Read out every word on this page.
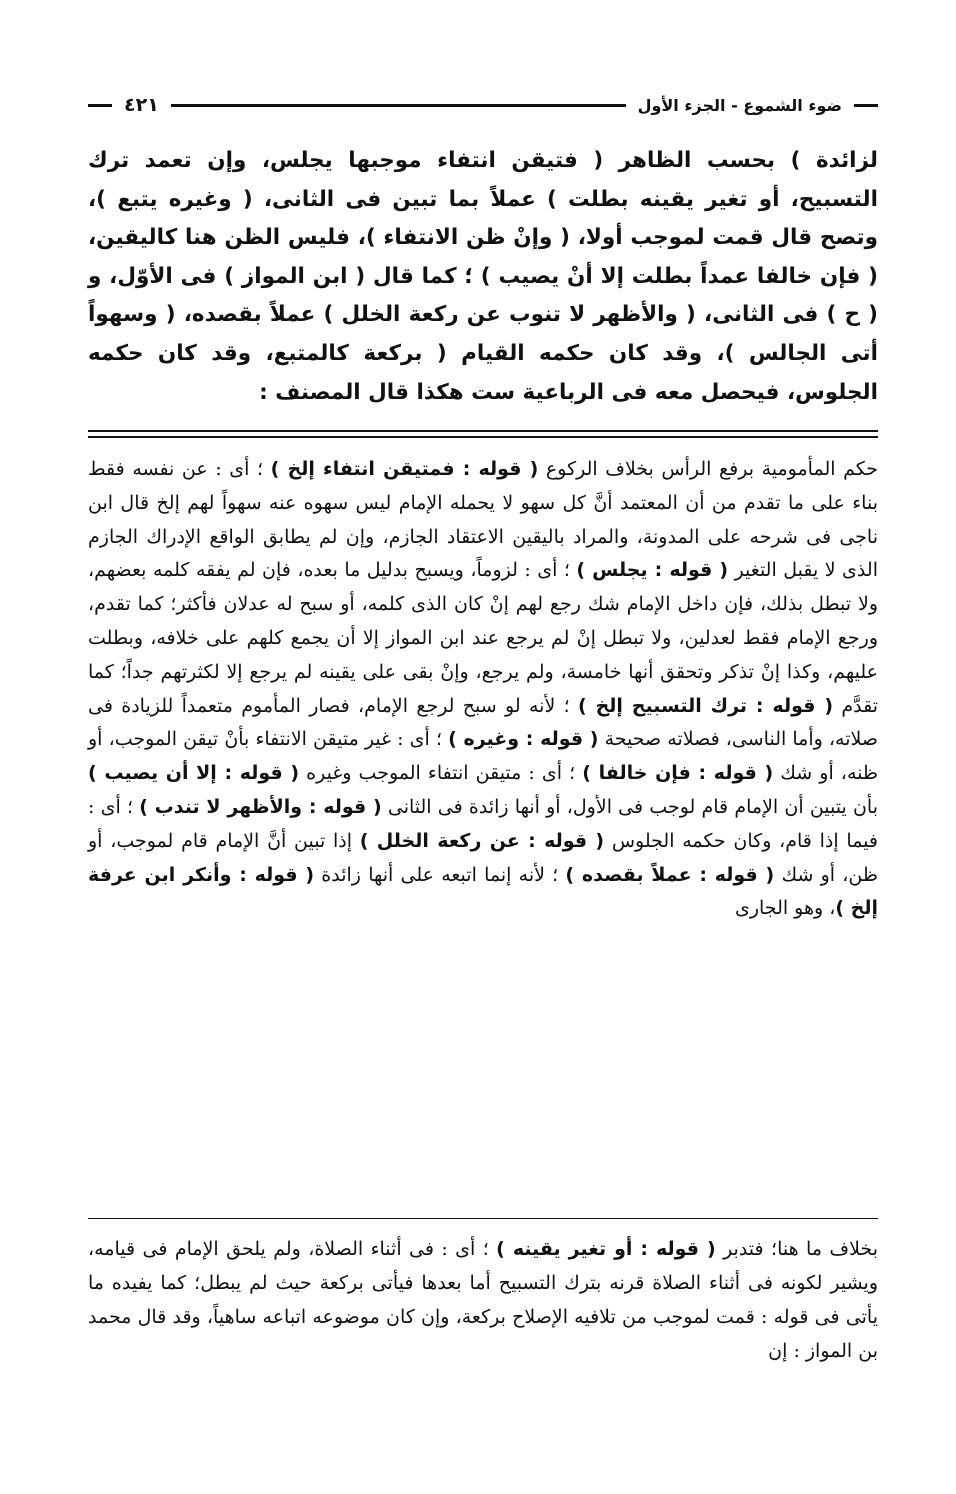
ضوء الشموع - الجزء الأول
٤٢١
لزائدة ) بحسب الظاهر ( فتيقن انتفاء موجبها يجلس، وإن تعمد ترك التسبيح، أو تغير يقينه بطلت ) عملاً بما تبين فى الثانى، ( وغيره يتبع )، وتصح قال قمت لموجب أولا، ( وإنْ ظن الانتفاء )، فليس الظن هنا كاليقين، ( فإن خالفا عمداً بطلت إلا أنْ يصيب ) ؛ كما قال ( ابن المواز ) فى الأوّل، و ( ح ) فى الثانى، ( والأظهر لا تنوب عن ركعة الخلل ) عملاً بقصده، ( وسهواً أتى الجالس )، وقد كان حكمه القيام ( بركعة كالمتبع، وقد كان حكمه الجلوس، فيحصل معه فى الرباعية ست هكذا قال المصنف :
حكم المأمومية برفع الرأس بخلاف الركوع ( قوله : فمتيقن انتفاء إلخ ) ؛ أى : عن نفسه فقط بناء على ما تقدم من أن المعتمد أنَّ كل سهو لا يحمله الإمام ليس سهوه عنه سهواً لهم إلخ قال ابن ناجى فى شرحه على المدونة، والمراد باليقين الاعتقاد الجازم، وإن لم يطابق الواقع الإدراك الجازم الذى لا يقبل التغير ( قوله : يجلس ) ؛ أى : لزوماً، ويسبح بدليل ما بعده، فإن لم يفقه كلمه بعضهم، ولا تبطل بذلك، فإن داخل الإمام شك رجع لهم إنْ كان الذى كلمه، أو سبح له عدلان فأكثر؛ كما تقدم، ورجع الإمام فقط لعدلين، ولا تبطل إنْ لم يرجع عند ابن المواز إلا أن يجمع كلهم على خلافه، وبطلت عليهم، وكذا إنْ تذكر وتحقق أنها خامسة، ولم يرجع، وإنْ بقى على يقينه لم يرجع إلا لكثرتهم جداً؛ كما تقدَّم ( قوله : ترك التسبيح إلخ ) ؛ لأنه لو سبح لرجع الإمام، فصار المأموم متعمداً للزيادة فى صلاته، وأما الناسى، فصلاته صحيحة ( قوله : وغيره ) ؛ أى : غير متيقن الانتفاء بأنْ تيقن الموجب، أو ظنه، أو شك ( قوله : فإن خالفا ) ؛ أى : متيقن انتفاء الموجب وغيره ( قوله : إلا أن يصيب ) بأن يتبين أن الإمام قام لوجب فى الأول، أو أنها زائدة فى الثانى ( قوله : والأظهر لا تندب ) ؛ أى : فيما إذا قام، وكان حكمه الجلوس ( قوله : عن ركعة الخلل ) إذا تبين أنَّ الإمام قام لموجب، أو ظن، أو شك ( قوله : عملاً بقصده ) ؛ لأنه إنما اتبعه على أنها زائدة ( قوله : وأنكر ابن عرفة إلخ )، وهو الجارى
بخلاف ما هنا؛ فتدبر ( قوله : أو تغير يقينه ) ؛ أى : فى أثناء الصلاة، ولم يلحق الإمام فى قيامه، ويشير لكونه فى أثناء الصلاة قرنه بترك التسبيح أما بعدها فيأتى بركعة حيث لم يبطل؛ كما يفيده ما يأتى فى قوله : قمت لموجب من تلافيه الإصلاح بركعة، وإن كان موضوعه اتباعه ساهياً، وقد قال محمد بن المواز : إن
